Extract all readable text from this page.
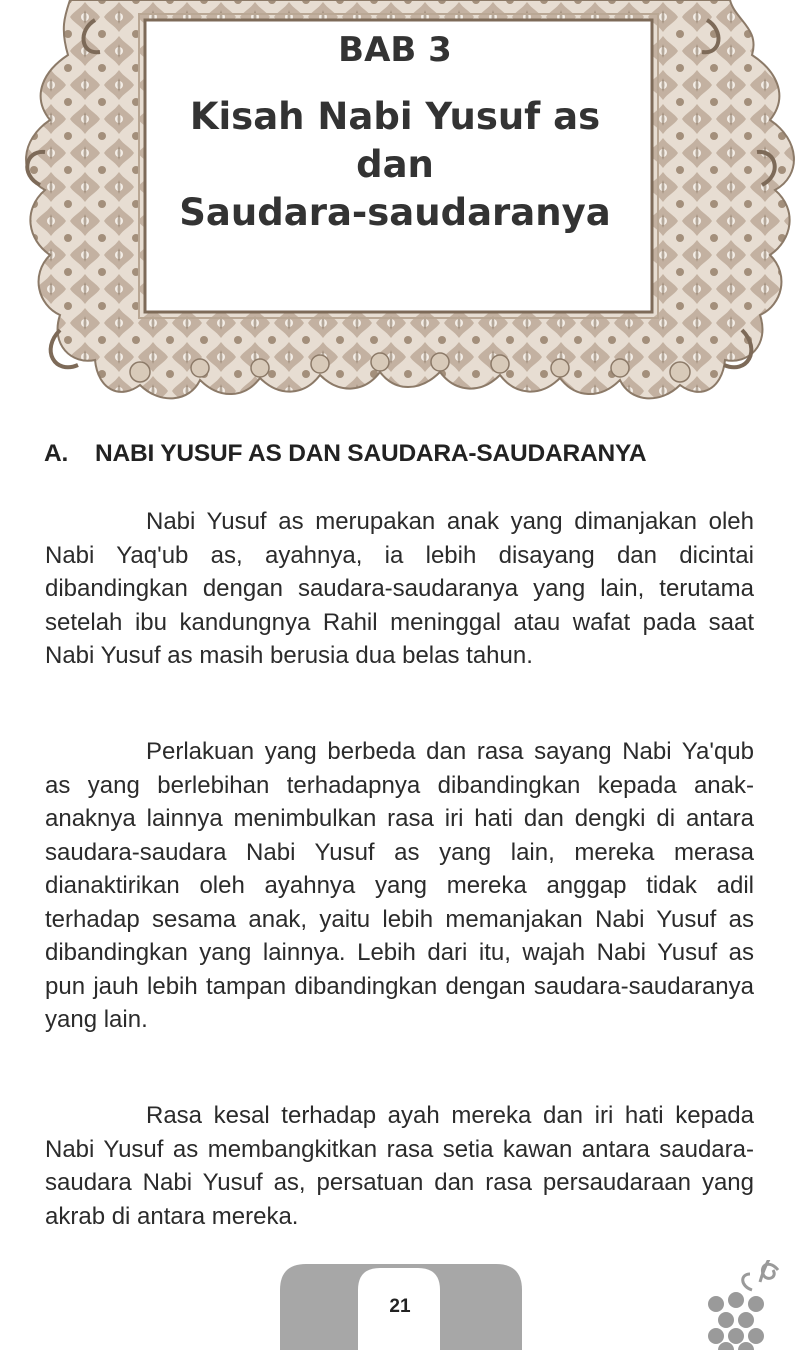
BAB 3
Kisah Nabi Yusuf as
dan
Saudara-saudaranya
A. NABI YUSUF AS DAN SAUDARA-SAUDARANYA

Nabi Yusuf as merupakan anak yang dimanjakan oleh Nabi Yaq'ub as, ayahnya, ia lebih disayang dan dicintai dibandingkan dengan saudara-saudaranya yang lain, terutama setelah ibu kandungnya Rahil meninggal atau wafat pada saat Nabi Yusuf as masih berusia dua belas tahun.

Perlakuan yang berbeda dan rasa sayang Nabi Ya'qub as yang berlebihan terhadapnya dibandingkan kepada anak-anaknya lainnya menimbulkan rasa iri hati dan dengki di antara saudara-saudara Nabi Yusuf as yang lain, mereka merasa dianaktirikan oleh ayahnya yang mereka anggap tidak adil terhadap sesama anak, yaitu lebih memanjakan Nabi Yusuf as dibandingkan yang lainnya. Lebih dari itu, wajah Nabi Yusuf as pun jauh lebih tampan dibandingkan dengan saudara-saudaranya yang lain.

Rasa kesal terhadap ayah mereka dan iri hati kepada Nabi Yusuf as membangkitkan rasa setia kawan antara saudara-saudara Nabi Yusuf as, persatuan dan rasa persaudaraan yang akrab di antara mereka.

21
